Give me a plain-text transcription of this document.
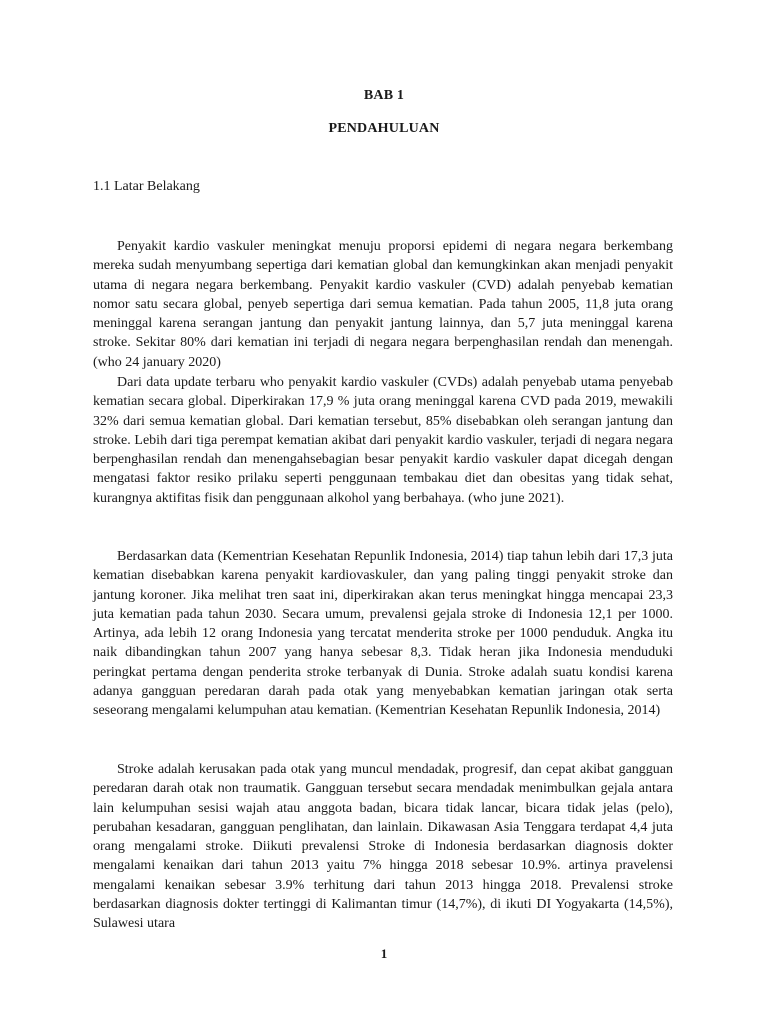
BAB 1
PENDAHULUAN
1.1 Latar Belakang

Penyakit kardio vaskuler meningkat menuju proporsi epidemi di negara negara berkembang mereka sudah menyumbang sepertiga dari kematian global dan kemungkinkan akan menjadi penyakit utama di negara negara berkembang. Penyakit kardio vaskuler (CVD) adalah penyebab kematian nomor satu secara global, penyeb sepertiga dari semua kematian. Pada tahun 2005, 11,8 juta orang meninggal karena serangan jantung dan penyakit jantung lainnya, dan 5,7 juta meninggal karena stroke. Sekitar 80% dari kematian ini terjadi di negara negara berpenghasilan rendah dan menengah. (who 24 january 2020)

Dari data update terbaru who penyakit kardio vaskuler (CVDs) adalah penyebab utama penyebab kematian secara global. Diperkirakan 17,9 % juta orang meninggal karena CVD pada 2019, mewakili 32% dari semua kematian global. Dari kematian tersebut, 85% disebabkan oleh serangan jantung dan stroke. Lebih dari tiga perempat kematian akibat dari penyakit kardio vaskuler, terjadi di negara negara berpenghasilan rendah dan menengahsebagian besar penyakit kardio vaskuler dapat dicegah dengan mengatasi faktor resiko prilaku seperti penggunaan tembakau diet dan obesitas yang tidak sehat, kurangnya aktifitas fisik dan penggunaan alkohol yang berbahaya. (who june 2021).

Berdasarkan data (Kementrian Kesehatan Repunlik Indonesia, 2014) tiap tahun lebih dari 17,3 juta kematian disebabkan karena penyakit kardiovaskuler, dan yang paling tinggi penyakit stroke dan jantung koroner. Jika melihat tren saat ini, diperkirakan akan terus meningkat hingga mencapai 23,3 juta kematian pada tahun 2030. Secara umum, prevalensi gejala stroke di Indonesia 12,1 per 1000. Artinya, ada lebih 12 orang Indonesia yang tercatat menderita stroke per 1000 penduduk. Angka itu naik dibandingkan tahun 2007 yang hanya sebesar 8,3. Tidak heran jika Indonesia menduduki peringkat pertama dengan penderita stroke terbanyak di Dunia. Stroke adalah suatu kondisi karena adanya gangguan peredaran darah pada otak yang menyebabkan kematian jaringan otak serta seseorang mengalami kelumpuhan atau kematian. (Kementrian Kesehatan Repunlik Indonesia, 2014)

Stroke adalah kerusakan pada otak yang muncul mendadak, progresif, dan cepat akibat gangguan peredaran darah otak non traumatik. Gangguan tersebut secara mendadak menimbulkan gejala antara lain kelumpuhan sesisi wajah atau anggota badan, bicara tidak lancar, bicara tidak jelas (pelo), perubahan kesadaran, gangguan penglihatan, dan lainlain. Dikawasan Asia Tenggara terdapat 4,4 juta orang mengalami stroke. Diikuti prevalensi Stroke di Indonesia berdasarkan diagnosis dokter mengalami kenaikan dari tahun 2013 yaitu 7% hingga 2018 sebesar 10.9%. artinya pravelensi mengalami kenaikan sebesar 3.9% terhitung dari tahun 2013 hingga 2018. Prevalensi stroke berdasarkan diagnosis dokter tertinggi di Kalimantan timur (14,7%), di ikuti DI Yogyakarta (14,5%), Sulawesi utara

1
